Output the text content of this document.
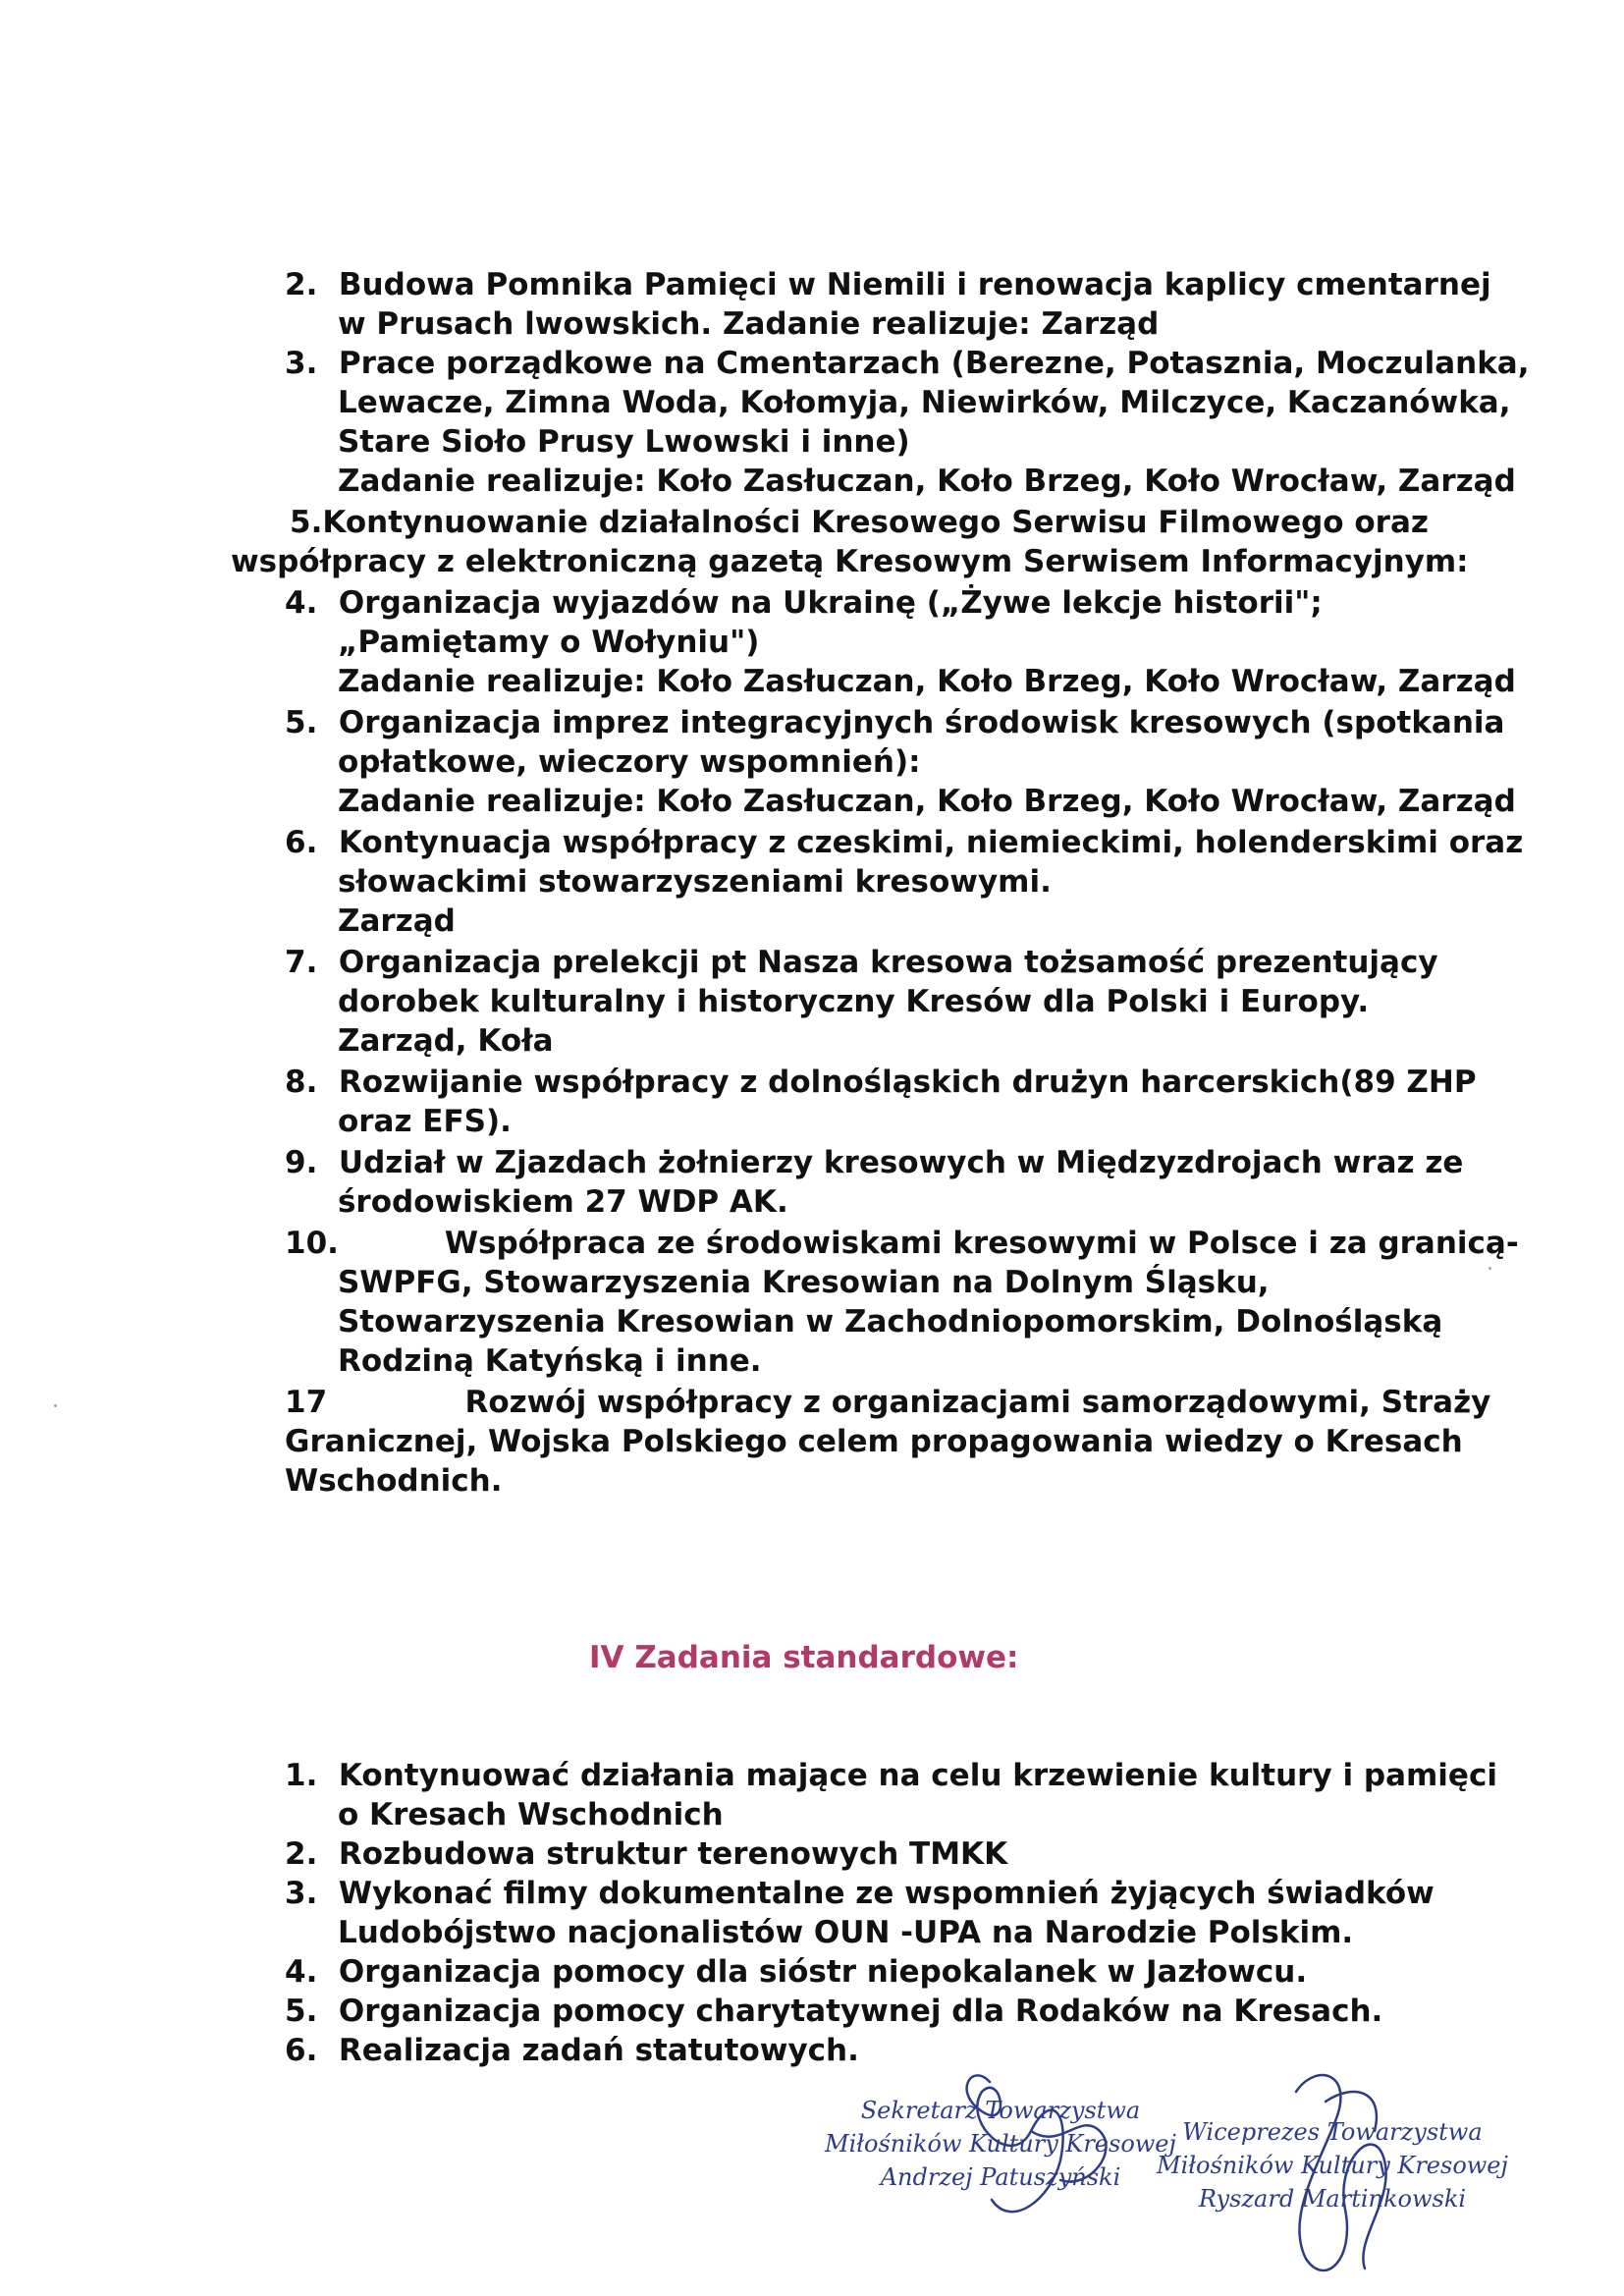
2.  Budowa Pomnika Pamięci w Niemili i renowacja kaplicy cmentarnej
w Prusach lwowskich. Zadanie realizuje: Zarząd
3.  Prace porządkowe na Cmentarzach (Berezne, Potasznia, Moczulanka,
Lewacze, Zimna Woda, Kołomyja, Niewirków, Milczyce, Kaczanówka,
Stare Sioło Prusy Lwowski i inne)
Zadanie realizuje: Koło Zasłuczan, Koło Brzeg, Koło Wrocław, Zarząd
5.Kontynuowanie działalności Kresowego Serwisu Filmowego oraz
współpracy z elektroniczną gazetą Kresowym Serwisem Informacyjnym:
4.  Organizacja wyjazdów na Ukrainę („Żywe lekcje historii";
„Pamiętamy o Wołyniu")
Zadanie realizuje: Koło Zasłuczan, Koło Brzeg, Koło Wrocław, Zarząd
5.  Organizacja imprez integracyjnych środowisk kresowych (spotkania
opłatkowe, wieczory wspomnień):
Zadanie realizuje: Koło Zasłuczan, Koło Brzeg, Koło Wrocław, Zarząd
6.  Kontynuacja współpracy z czeskimi, niemieckimi, holenderskimi oraz
słowackimi stowarzyszeniami kresowymi.
Zarząd
7.  Organizacja prelekcji pt Nasza kresowa tożsamość prezentujący
dorobek kulturalny i historyczny Kresów dla Polski i Europy.
Zarząd, Koła
8.  Rozwijanie współpracy z dolnośląskich drużyn harcerskich(89 ZHP
oraz EFS).
9.  Udział w Zjazdach żołnierzy kresowych w Międzyzdrojach wraz ze
środowiskiem 27 WDP AK.
10.          Współpraca ze środowiskami kresowymi w Polsce i za granicą-
SWPFG, Stowarzyszenia Kresowian na Dolnym Śląsku,
Stowarzyszenia Kresowian w Zachodniopomorskim, Dolnośląską
Rodziną Katyńską i inne.
17             Rozwój współpracy z organizacjami samorządowymi, Straży
Granicznej, Wojska Polskiego celem propagowania wiedzy o Kresach
Wschodnich.
IV Zadania standardowe:
1.  Kontynuować działania mające na celu krzewienie kultury i pamięci
o Kresach Wschodnich
2.  Rozbudowa struktur terenowych TMKK
3.  Wykonać filmy dokumentalne ze wspomnień żyjących świadków
Ludobójstwo nacjonalistów OUN -UPA na Narodzie Polskim.
4.  Organizacja pomocy dla sióstr niepokalanek w Jazłowcu.
5.  Organizacja pomocy charytatywnej dla Rodaków na Kresach.
6.  Realizacja zadań statutowych.
Sekretarz Towarzystwa
Miłośników Kultury Kresowej
Andrzej Patuszyński
Wiceprezes Towarzystwa
Miłośników Kultury Kresowej
Ryszard Martinkowski
